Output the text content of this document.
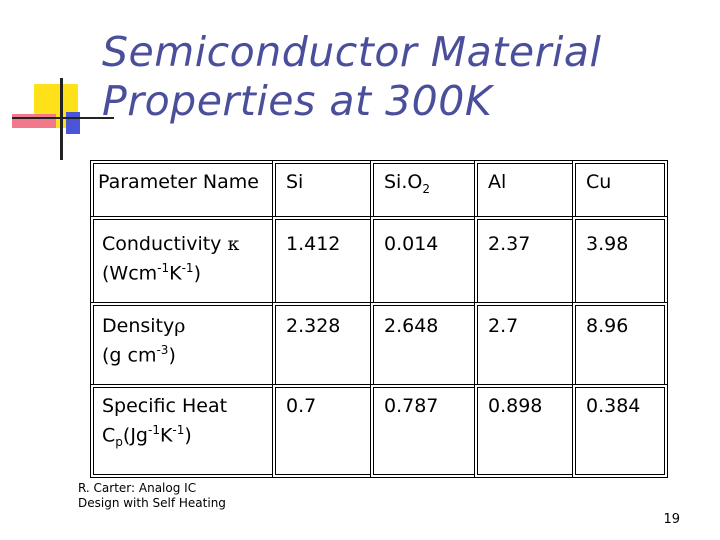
Semiconductor Material
Properties at 300K
Parameter Name	Si	$Si.O_2$	Al	Cu

Conductivity κ
$(Wcm^{-1}K^{-1})$	1.412	0.014	2.37	3.98

Densityρ
(g $cm^{-3}$)	2.328	2.648	2.7	8.96

Specific Heat
$C_p(Jg^{-1}K^{-1})$	0.7	0.787	0.898	0.384
R. Carter: Analog IC Design with Self Heating
19
